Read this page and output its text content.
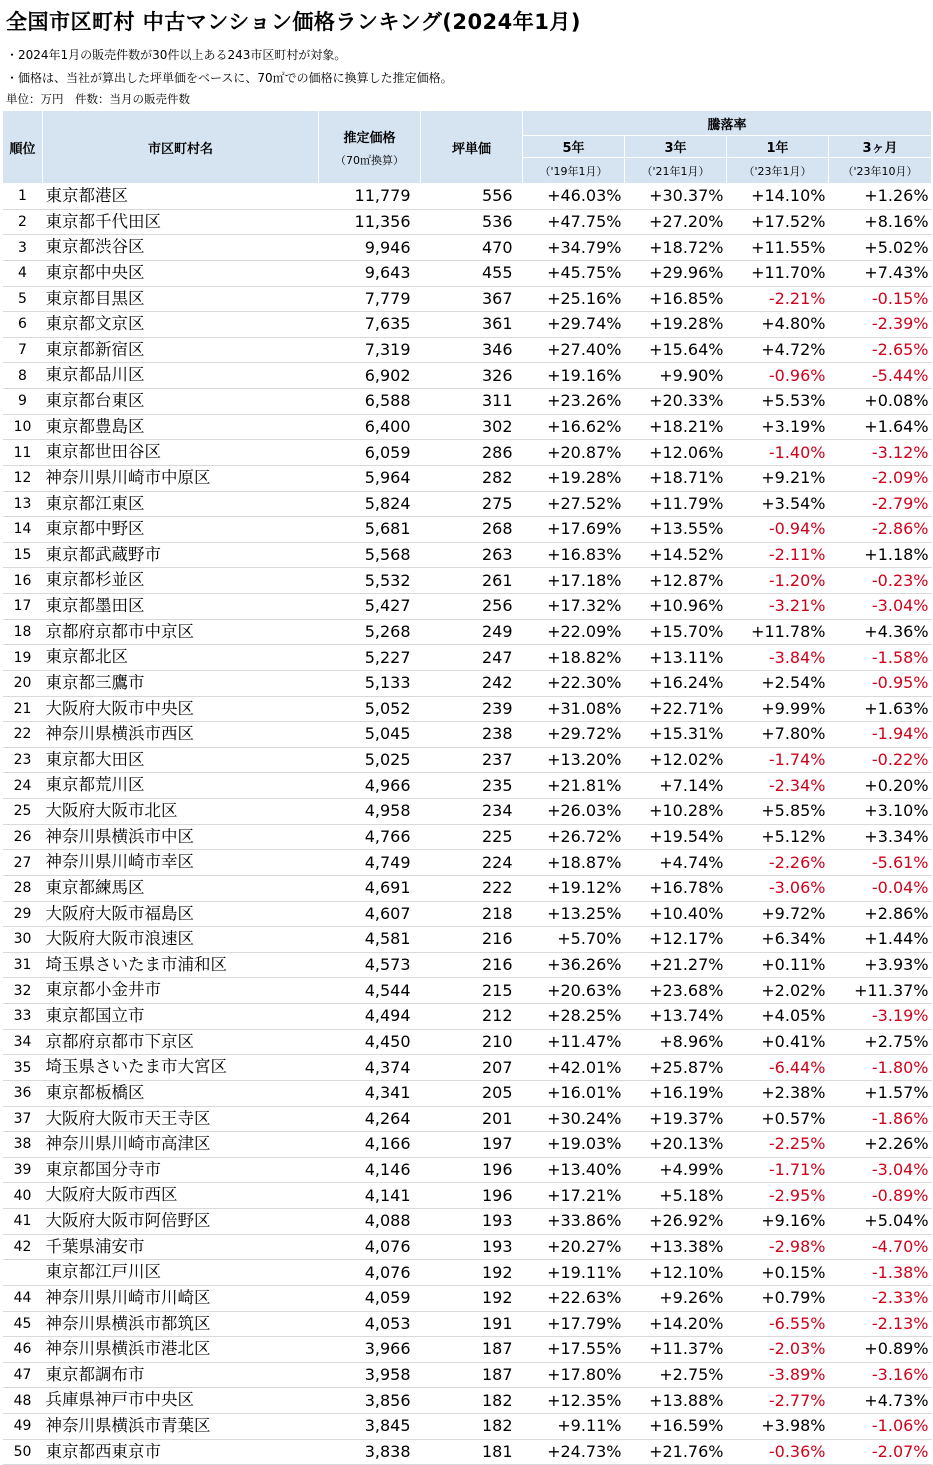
全国市区町村 中古マンション価格ランキング(2024年1月)
・2024年1月の販売件数が30件以上ある243市区町村が対象。
・価格は、当社が算出した坪単価をベースに、70㎡での価格に換算した推定価格。
単位：万円　件数：当月の販売件数
順位	市区町村名	推定価格
（70㎡換算）	坪単価	騰落率			
				5年	3年	1年	3ヶ月
				（'19年1月）	（'21年1月）	（'23年1月）	（'23年10月）
1	東京都港区	11,779	556	+46.03%	+30.37%	+14.10%	+1.26%
2	東京都千代田区	11,356	536	+47.75%	+27.20%	+17.52%	+8.16%
3	東京都渋谷区	9,946	470	+34.79%	+18.72%	+11.55%	+5.02%
4	東京都中央区	9,643	455	+45.75%	+29.96%	+11.70%	+7.43%
5	東京都目黒区	7,779	367	+25.16%	+16.85%	-2.21%	-0.15%
6	東京都文京区	7,635	361	+29.74%	+19.28%	+4.80%	-2.39%
7	東京都新宿区	7,319	346	+27.40%	+15.64%	+4.72%	-2.65%
8	東京都品川区	6,902	326	+19.16%	+9.90%	-0.96%	-5.44%
9	東京都台東区	6,588	311	+23.26%	+20.33%	+5.53%	+0.08%
10	東京都豊島区	6,400	302	+16.62%	+18.21%	+3.19%	+1.64%
11	東京都世田谷区	6,059	286	+20.87%	+12.06%	-1.40%	-3.12%
12	神奈川県川崎市中原区	5,964	282	+19.28%	+18.71%	+9.21%	-2.09%
13	東京都江東区	5,824	275	+27.52%	+11.79%	+3.54%	-2.79%
14	東京都中野区	5,681	268	+17.69%	+13.55%	-0.94%	-2.86%
15	東京都武蔵野市	5,568	263	+16.83%	+14.52%	-2.11%	+1.18%
16	東京都杉並区	5,532	261	+17.18%	+12.87%	-1.20%	-0.23%
17	東京都墨田区	5,427	256	+17.32%	+10.96%	-3.21%	-3.04%
18	京都府京都市中京区	5,268	249	+22.09%	+15.70%	+11.78%	+4.36%
19	東京都北区	5,227	247	+18.82%	+13.11%	-3.84%	-1.58%
20	東京都三鷹市	5,133	242	+22.30%	+16.24%	+2.54%	-0.95%
21	大阪府大阪市中央区	5,052	239	+31.08%	+22.71%	+9.99%	+1.63%
22	神奈川県横浜市西区	5,045	238	+29.72%	+15.31%	+7.80%	-1.94%
23	東京都大田区	5,025	237	+13.20%	+12.02%	-1.74%	-0.22%
24	東京都荒川区	4,966	235	+21.81%	+7.14%	-2.34%	+0.20%
25	大阪府大阪市北区	4,958	234	+26.03%	+10.28%	+5.85%	+3.10%
26	神奈川県横浜市中区	4,766	225	+26.72%	+19.54%	+5.12%	+3.34%
27	神奈川県川崎市幸区	4,749	224	+18.87%	+4.74%	-2.26%	-5.61%
28	東京都練馬区	4,691	222	+19.12%	+16.78%	-3.06%	-0.04%
29	大阪府大阪市福島区	4,607	218	+13.25%	+10.40%	+9.72%	+2.86%
30	大阪府大阪市浪速区	4,581	216	+5.70%	+12.17%	+6.34%	+1.44%
31	埼玉県さいたま市浦和区	4,573	216	+36.26%	+21.27%	+0.11%	+3.93%
32	東京都小金井市	4,544	215	+20.63%	+23.68%	+2.02%	+11.37%
33	東京都国立市	4,494	212	+28.25%	+13.74%	+4.05%	-3.19%
34	京都府京都市下京区	4,450	210	+11.47%	+8.96%	+0.41%	+2.75%
35	埼玉県さいたま市大宮区	4,374	207	+42.01%	+25.87%	-6.44%	-1.80%
36	東京都板橋区	4,341	205	+16.01%	+16.19%	+2.38%	+1.57%
37	大阪府大阪市天王寺区	4,264	201	+30.24%	+19.37%	+0.57%	-1.86%
38	神奈川県川崎市高津区	4,166	197	+19.03%	+20.13%	-2.25%	+2.26%
39	東京都国分寺市	4,146	196	+13.40%	+4.99%	-1.71%	-3.04%
40	大阪府大阪市西区	4,141	196	+17.21%	+5.18%	-2.95%	-0.89%
41	大阪府大阪市阿倍野区	4,088	193	+33.86%	+26.92%	+9.16%	+5.04%
42	千葉県浦安市	4,076	193	+20.27%	+13.38%	-2.98%	-4.70%
	東京都江戸川区	4,076	192	+19.11%	+12.10%	+0.15%	-1.38%
44	神奈川県川崎市川崎区	4,059	192	+22.63%	+9.26%	+0.79%	-2.33%
45	神奈川県横浜市都筑区	4,053	191	+17.79%	+14.20%	-6.55%	-2.13%
46	神奈川県横浜市港北区	3,966	187	+17.55%	+11.37%	-2.03%	+0.89%
47	東京都調布市	3,958	187	+17.80%	+2.75%	-3.89%	-3.16%
48	兵庫県神戸市中央区	3,856	182	+12.35%	+13.88%	-2.77%	+4.73%
49	神奈川県横浜市青葉区	3,845	182	+9.11%	+16.59%	+3.98%	-1.06%
50	東京都西東京市	3,838	181	+24.73%	+21.76%	-0.36%	-2.07%
